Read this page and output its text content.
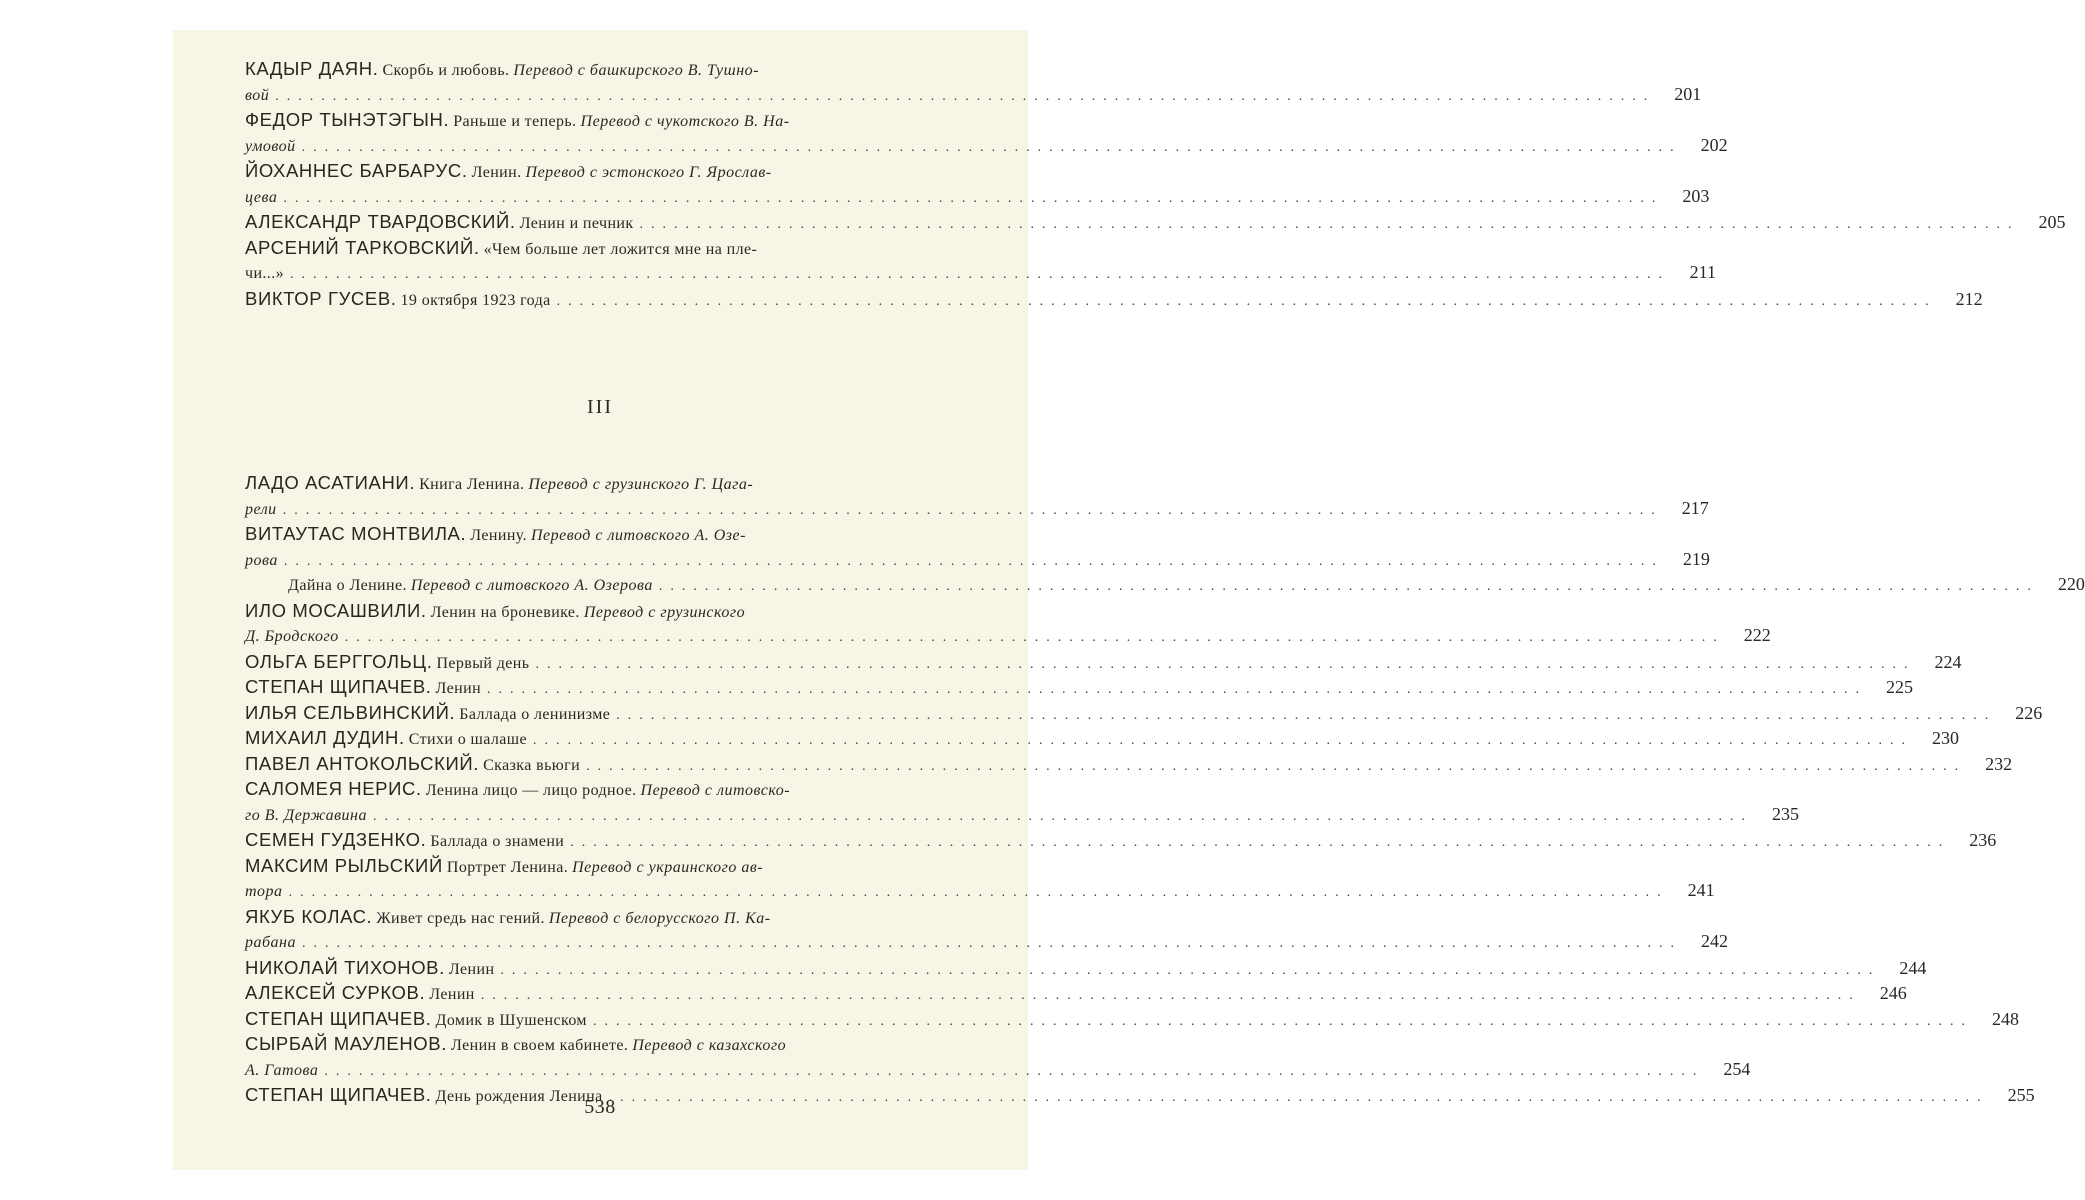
КАДЫР ДАЯН. Скорбь и любовь. Перевод с башкирского В. Тушно-
вой ........................................................................................................................	201
ФЕДОР ТЫНЭТЭГЫН. Раньше и теперь. Перевод с чукотского В. На-
умовой ........................................................................................................................	202
ЙОХАННЕС БАРБАРУС. Ленин. Перевод с эстонского Г. Ярослав-
цева ........................................................................................................................	203
АЛЕКСАНДР ТВАРДОВСКИЙ. Ленин и печник ........................................................................................................................	205
АРСЕНИЙ ТАРКОВСКИЙ. «Чем больше лет ложится мне на пле-
чи...» ........................................................................................................................	211
ВИКТОР ГУСЕВ. 19 октября 1923 года ........................................................................................................................	212
III
ЛАДО АСАТИАНИ. Книга Ленина. Перевод с грузинского Г. Цага-
рели ........................................................................................................................	217
ВИТАУТАС МОНТВИЛА. Ленину. Перевод с литовского А. Озе-
рова ........................................................................................................................	219
Дайна о Ленине. Перевод с литовского А. Озерова ........................................................................................................................	220
ИЛО МОСАШВИЛИ. Ленин на броневике. Перевод с грузинского
Д. Бродского ........................................................................................................................	222
ОЛЬГА БЕРГГОЛЬЦ. Первый день ........................................................................................................................	224
СТЕПАН ЩИПАЧЕВ. Ленин ........................................................................................................................	225
ИЛЬЯ СЕЛЬВИНСКИЙ. Баллада о ленинизме ........................................................................................................................	226
МИХАИЛ ДУДИН. Стихи о шалаше ........................................................................................................................	230
ПАВЕЛ АНТОКОЛЬСКИЙ. Сказка вьюги ........................................................................................................................	232
САЛОМЕЯ НЕРИС. Ленина лицо — лицо родное. Перевод с литовско-
го В. Державина ........................................................................................................................	235
СЕМЕН ГУДЗЕНКО. Баллада о знамени ........................................................................................................................	236
МАКСИМ РЫЛЬСКИЙ Портрет Ленина. Перевод с украинского ав-
тора ........................................................................................................................	241
ЯКУБ КОЛАС. Живет средь нас гений. Перевод с белорусского П. Ка-
рабана ........................................................................................................................	242
НИКОЛАЙ ТИХОНОВ. Ленин ........................................................................................................................	244
АЛЕКСЕЙ СУРКОВ. Ленин ........................................................................................................................	246
СТЕПАН ЩИПАЧЕВ. Домик в Шушенском ........................................................................................................................	248
СЫРБАЙ МАУЛЕНОВ. Ленин в своем кабинете. Перевод с казахского
А. Гатова ........................................................................................................................	254
СТЕПАН ЩИПАЧЕВ. День рождения Ленина ........................................................................................................................	255
538
